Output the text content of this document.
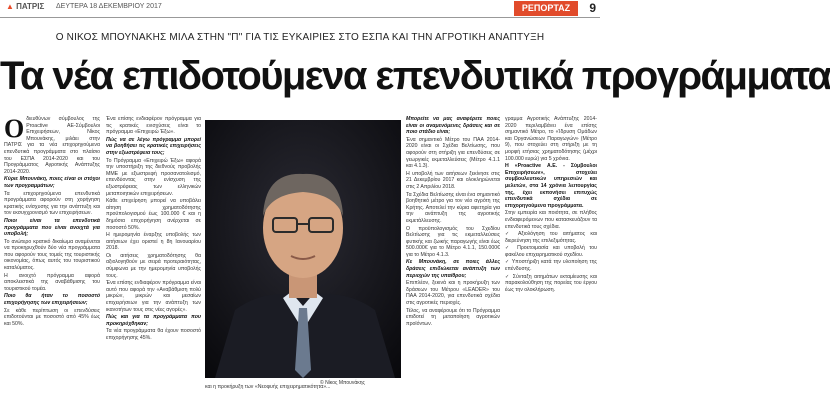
▲ ΠΑΤΡΙΣ ΔΕΥΤΕΡΑ 18 ΔΕΚΕΜΒΡΙΟΥ 2017	ΡΕΠΟΡΤΑΖ	9
Ο ΝΙΚΟΣ ΜΠΟΥΝΑΚΗΣ ΜΙΛΑ ΣΤΗΝ "Π" ΓΙΑ ΤΙΣ ΕΥΚΑΙΡΙΕΣ ΣΤΟ ΕΣΠΑ ΚΑΙ ΤΗΝ ΑΓΡΟΤΙΚΗ ΑΝΑΠΤΥΞΗ
Τα νέα επιδοτούμενα επενδυτικά προγράμματα
Ο διευθύνων σύμβουλος της Proactive ΑΕ-Σύμβουλοι Επιχειρήσεων, Νίκος Μπουνάκης, μιλάει στην ΠΑΤΡΙΣ για τα νέα επιχορηγούμενα επενδυτικά προγράμματα στο πλαίσιο του ΕΣΠΑ 2014-2020 και του Προγράμματος Αγροτικής Ανάπτυξης 2014-2020.

Κύριε Μπουνάκη, ποιες είναι οι στόχοι των προγραμμάτων;

Τα επιχορηγούμενα επενδυτικά προγράμματα αφορούν στη χορήγηση κρατικής ενίσχυσης για την ανάπτυξη και τον εκσυγχρονισμό των επιχειρήσεων.

Ποιοι είναι τα επενδυτικά προγράμματα που είναι ανοιχτά για υποβολή;

Το ανώτερο κρατικό δικαίωμα αναμένεται να προκηρυχθούν δύο νέα προγράμματα που αφορούν τους τομείς της τουριστικής οικονομίας, όπως αυτός του τουριστικού καταλύματος.

Η ανοιχτό πρόγραμμα αφορά αποκλειστικά της αναβάθμισης του τουριστικού τομέα.

Ποιο θα ήταν το ποσοστό επιχορήγησης των επιχειρήσεων;

Σε κάθε περίπτωση οι επενδύσεις επιδοτούνται με ποσοστό από 45% έως και 50%.

Ένα επίσης ενδιαφέρον πρόγραμμα για τις κρατικές ενισχύσεις είναι το πρόγραμμα «Επιχειρώ Έξω».

Πώς να σε λέγω πρόγραμμα μπορεί να βοηθήσει τις κρατικές επιχειρήσεις στην εξωστρέφεια τους;

Το Πρόγραμμα «Επιχειρώ Έξω» αφορά την υποστήριξη της διεθνούς προβολής ΜΜΕ με εξωστρεφή προσανατολισμό, επενδύοντας στην ενίσχυση της εξωστρέφειας των ελληνικών μεταποιητικών επιχειρήσεων.

Κάθε επιχείρηση μπορεί να υποβάλει αίτηση χρηματοδότησης προϋπολογισμού έως 100.000 € και η δημόσια επιχορήγηση ανέρχεται σε ποσοστό 50%.

Η ημερομηνία έναρξης υποβολής των αιτήσεων έχει οριστεί η 8η Ιανουαρίου 2018.

Οι αιτήσεις χρηματοδότησης θα αξιολογηθούν με σειρά προτεραιότητας, σύμφωνα με την ημερομηνία υποβολής τους.

Ένα επίσης ενδιαφέρον πρόγραμμα είναι αυτό που αφορά την «Αναβάθμιση πολύ μικρών, μικρών και μεσαίων επιχειρήσεων για την ανάπτυξη των ικανοτήτων τους στις νέες αγορές».

Πώς και για τα προγράμματα που προκηρύχθηκαν;

Τα νέα προγράμματα θα έχουν ποσοστό επιχορήγησης 45%.

© Νίκος Μπουνάκης
και η προκήρυξη των «Νεοφυής επιχειρηματικότητα»...

Μπορείτε να μας αναφέρετε ποιες είναι οι αναμενόμενες δράσεις και σε ποιο στάδιο είναι;

Ένα σημαντικό Μέτρο του ΠΑΑ 2014-2020 είναι οι Σχέδια Βελτίωσης, που αφορούν στη στήριξη για επενδύσεις σε γεωργικές εκμεταλλεύσεις (Μέτρο 4.1.1 και 4.1.3).

Η υποβολή των αιτήσεων ξεκίνησε στις 21 Δεκεμβρίου 2017 και ολοκληρώνεται στις 2 Απριλίου 2018.

Τα Σχέδια Βελτίωσης είναι ένα σημαντικό βοηθητικό μέτρο για τον νέο αγρότη της Κρήτης. Αποτελεί την κύρια αφετηρία για την ανάπτυξη της αγροτικής εκμετάλλευσης.

Ο προϋπολογισμός του Σχεδίου Βελτίωσης για τις εκμεταλλεύσεις φυτικής και ζωικής παραγωγής είναι έως 500.000€ για το Μέτρο 4.1.1, 150.000€ για το Μέτρο 4.1.3.

Κε Μπουνάκη, σε ποιες άλλες δράσεις επιδιώκεται ανάπτυξη των περιοχών της υπαίθρου;

Επιπλέον, ξεκινά και η προκήρυξη των δράσεων του Μέτρου «LEADER» του ΠΑΑ 2014-2020, για επενδυτικά σχέδια στις αγροτικές περιοχές.

Τέλος, να αναφέρουμε ότι το Πρόγραμμα επιδοτεί τη μεταποίηση αγροτικών προϊόντων.

γραμμα Αγροτικής Ανάπτυξης 2014-2020 περιλαμβάνει ένα επίσης σημαντικό Μέτρο, το «Ίδρυση Ομάδων και Οργανώσεων Παραγωγών» (Μέτρο 9), που στοχεύει στη στήριξη με τη μορφή ετήσιας χρηματοδότησης (μέχρι 100.000 ευρώ) για 5 χρόνια.

Η «Proactive Α.Ε. - Σύμβουλοι Επιχειρήσεων», στοχεύει συμβουλευτικών υπηρεσιών και μελετών, στα 14 χρόνια λειτουργίας της, έχει εκπονήσει επιτυχώς επενδυτικά σχέδια σε επιχορηγούμενα προγράμματα.

Στην εμπειρία και ποιότητα, σε πλήθος ενδιαφερόμενων που κατασκευάζουν τα επενδυτικά τους σχέδια.

✓ Αξιολόγηση του αιτήματος και διερεύνηση της επιλεξιμότητας.

✓ Προετοιμασία και υποβολή του φακέλου επιχειρηματικού σχεδίου.

✓ Υποστήριξη κατά την υλοποίηση της επένδυσης.

✓ Σύνταξη αιτημάτων εκταμίευσης και παρακολούθηση της πορείας του έργου έως την ολοκλήρωση.
